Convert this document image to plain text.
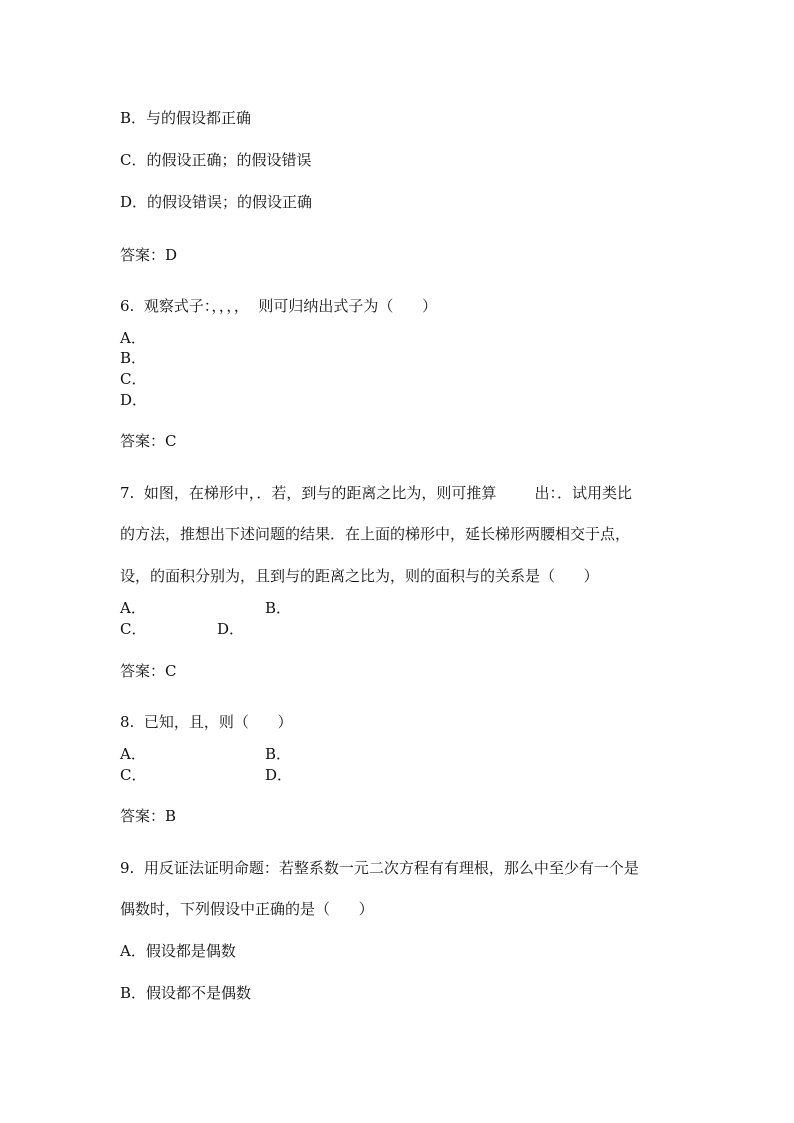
B．与的假设都正确
C．的假设正确；的假设错误
D．的假设错误；的假设正确
答案：D
6.  观察式子：，，，，  则可归纳出式子为（      ）
A．
B．
C．
D．
答案：C
7.  如图，在梯形中，．若，到与的距离之比为，则可推算        出：．试用类比
的方法，推想出下述问题的结果．在上面的梯形中，延长梯形两腰相交于点，
设，的面积分别为，且到与的距离之比为，则的面积与的关系是（      ）
A．	B．
C．	D．
答案：C
8.  已知，且，则（      ）
A．	B．
C．	D．
答案：B
9.  用反证法证明命题：若整系数一元二次方程有有理根，那么中至少有一个是
偶数时，下列假设中正确的是（      ）
A．假设都是偶数
B．假设都不是偶数
